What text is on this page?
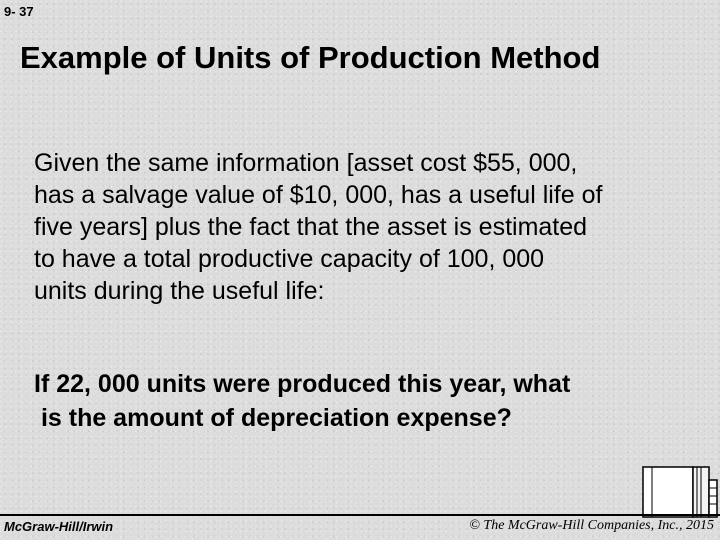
9- 37
Example of Units of Production Method
Given the same information [asset cost $55, 000,
has a salvage value of $10, 000, has a useful life of
five years] plus the fact that the asset is estimated
to have a total productive capacity of 100, 000
units during the useful life:
If 22, 000 units were produced this year, what
is the amount of depreciation expense?
McGraw-Hill/Irwin	© The McGraw-Hill Companies, Inc., 2015
